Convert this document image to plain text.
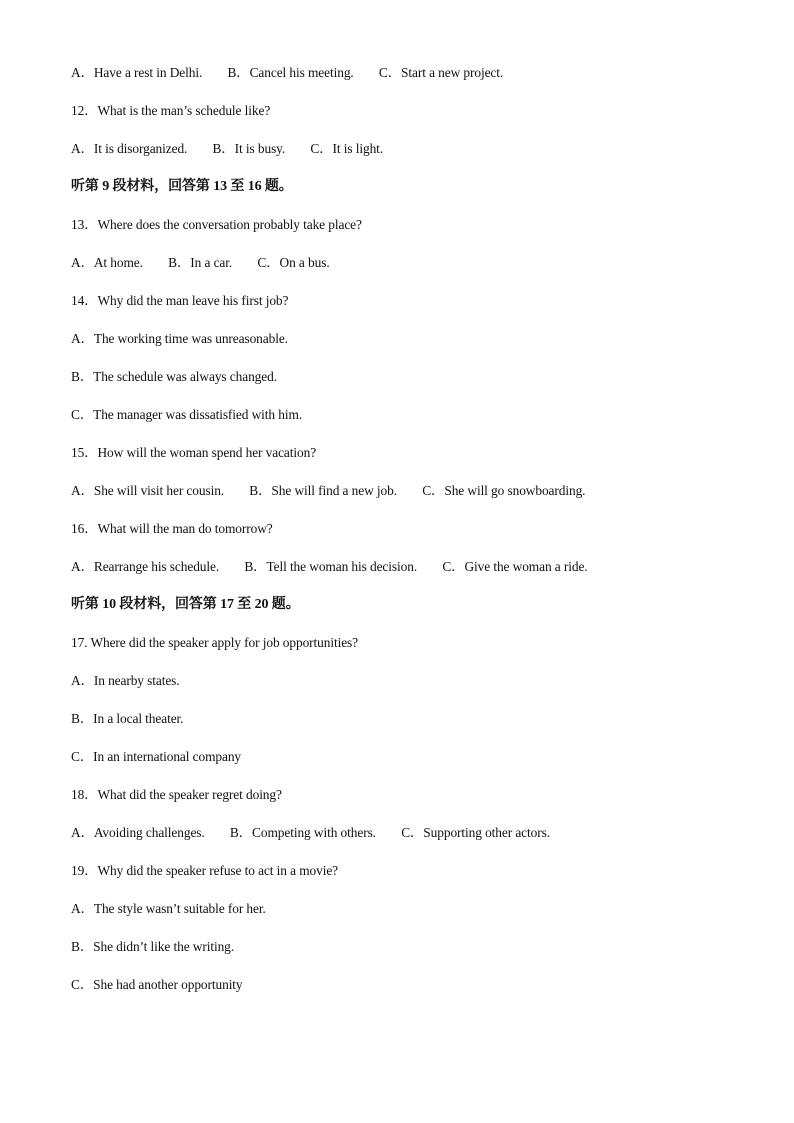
A．Have a rest in Delhi. B．Cancel his meeting. C．Start a new project.
12．What is the man’s schedule like?
A．It is disorganized. B．It is busy. C．It is light.
听第 9 段材料，回答第 13 至 16 题。
13．Where does the conversation probably take place?
A．At home. B．In a car. C．On a bus.
14．Why did the man leave his first job?
A．The working time was unreasonable.
B．The schedule was always changed.
C．The manager was dissatisfied with him.
15．How will the woman spend her vacation?
A．She will visit her cousin. B．She will find a new job. C．She will go snowboarding.
16．What will the man do tomorrow?
A．Rearrange his schedule. B．Tell the woman his decision. C．Give the woman a ride.
听第 10 段材料，回答第 17 至 20 题。
17. Where did the speaker apply for job opportunities?
A．In nearby states.
B．In a local theater.
C．In an international company
18．What did the speaker regret doing?
A．Avoiding challenges. B．Competing with others. C．Supporting other actors.
19．Why did the speaker refuse to act in a movie?
A．The style wasn’t suitable for her.
B．She didn’t like the writing.
C．She had another opportunity
